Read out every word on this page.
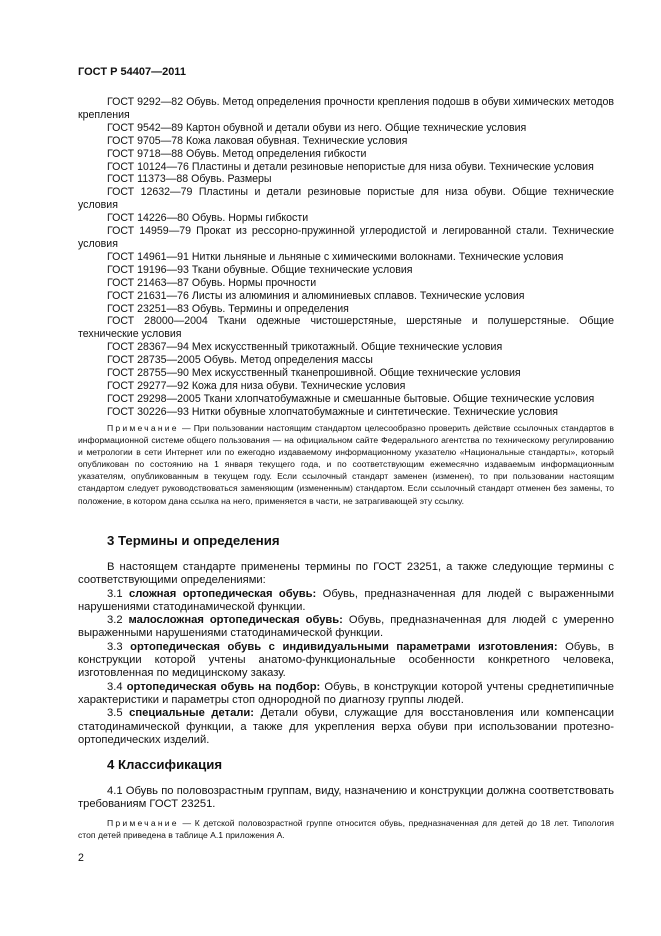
ГОСТ Р 54407—2011

ГОСТ 9292—82 Обувь. Метод определения прочности крепления подошв в обуви химических методов крепления

ГОСТ 9542—89 Картон обувной и детали обуви из него. Общие технические условия

ГОСТ 9705—78 Кожа лаковая обувная. Технические условия

ГОСТ 9718—88 Обувь. Метод определения гибкости

ГОСТ 10124—76 Пластины и детали резиновые непористые для низа обуви. Технические условия

ГОСТ 11373—88 Обувь. Размеры

ГОСТ 12632—79 Пластины и детали резиновые пористые для низа обуви. Общие технические условия

ГОСТ 14226—80 Обувь. Нормы гибкости

ГОСТ 14959—79 Прокат из рессорно-пружинной углеродистой и легированной стали. Технические условия

ГОСТ 14961—91 Нитки льняные и льняные с химическими волокнами. Технические условия

ГОСТ 19196—93 Ткани обувные. Общие технические условия

ГОСТ 21463—87 Обувь. Нормы прочности

ГОСТ 21631—76 Листы из алюминия и алюминиевых сплавов. Технические условия

ГОСТ 23251—83 Обувь. Термины и определения

ГОСТ 28000—2004 Ткани одежные чистошерстяные, шерстяные и полушерстяные. Общие технические условия

ГОСТ 28367—94 Мех искусственный трикотажный. Общие технические условия

ГОСТ 28735—2005 Обувь. Метод определения массы

ГОСТ 28755—90 Мех искусственный тканепрошивной. Общие технические условия

ГОСТ 29277—92 Кожа для низа обуви. Технические условия

ГОСТ 29298—2005 Ткани хлопчатобумажные и смешанные бытовые. Общие технические условия

ГОСТ 30226—93 Нитки обувные хлопчатобумажные и синтетические. Технические условия

Примечание — При пользовании настоящим стандартом целесообразно проверить действие ссылочных стандартов в информационной системе общего пользования — на официальном сайте Федерального агентства по техническому регулированию и метрологии в сети Интернет или по ежегодно издаваемому информационному указателю «Национальные стандарты», который опубликован по состоянию на 1 января текущего года, и по соответствующим ежемесячно издаваемым информационным указателям, опубликованным в текущем году. Если ссылочный стандарт заменен (изменен), то при пользовании настоящим стандартом следует руководствоваться заменяющим (измененным) стандартом. Если ссылочный стандарт отменен без замены, то положение, в котором дана ссылка на него, применяется в части, не затрагивающей эту ссылку.

3 Термины и определения

В настоящем стандарте применены термины по ГОСТ 23251, а также следующие термины с соответствующими определениями:

3.1 сложная ортопедическая обувь: Обувь, предназначенная для людей с выраженными нарушениями статодинамической функции.

3.2 малосложная ортопедическая обувь: Обувь, предназначенная для людей с умеренно выраженными нарушениями статодинамической функции.

3.3 ортопедическая обувь с индивидуальными параметрами изготовления: Обувь, в конструкции которой учтены анатомо-функциональные особенности конкретного человека, изготовленная по медицинскому заказу.

3.4 ортопедическая обувь на подбор: Обувь, в конструкции которой учтены среднетипичные характеристики и параметры стоп однородной по диагнозу группы людей.

3.5 специальные детали: Детали обуви, служащие для восстановления или компенсации статодинамической функции, а также для укрепления верха обуви при использовании протезно-ортопедических изделий.

4 Классификация

4.1 Обувь по половозрастным группам, виду, назначению и конструкции должна соответствовать требованиям ГОСТ 23251.

Примечание — К детской половозрастной группе относится обувь, предназначенная для детей до 18 лет. Типология стоп детей приведена в таблице А.1 приложения А.

2
